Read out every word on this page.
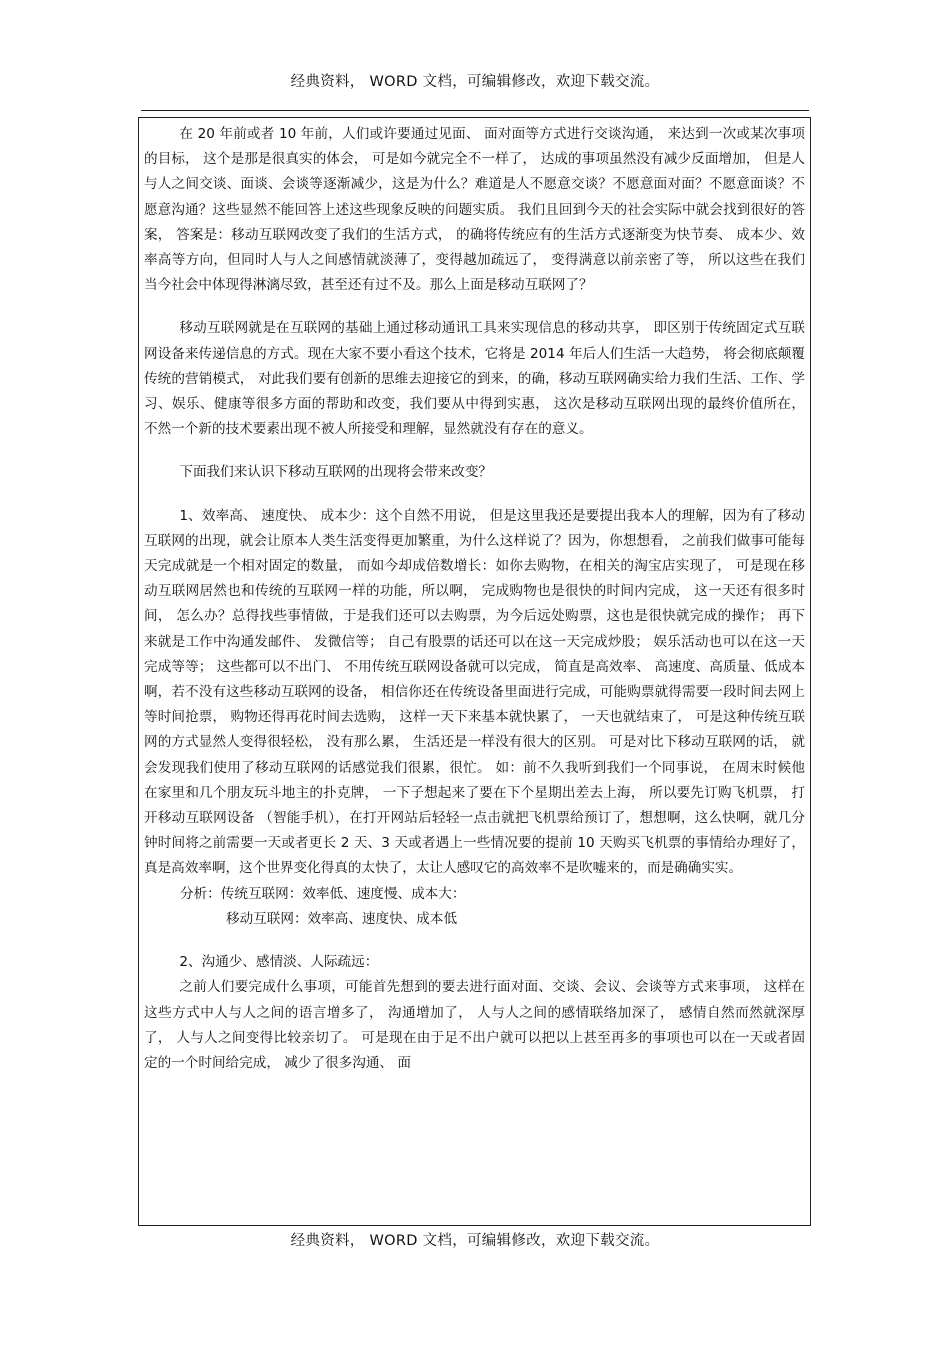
经典资料， WORD 文档，可编辑修改，欢迎下载交流。

在 20 年前或者 10 年前，人们或许要通过见面、 面对面等方式进行交谈沟通， 来达到一次或某次事项的目标， 这个是那是很真实的体会， 可是如今就完全不一样了， 达成的事项虽然没有减少反面增加， 但是人与人之间交谈、面谈、会谈等逐渐减少，这是为什么？难道是人不愿意交谈？不愿意面对面？不愿意面谈？不愿意沟通？这些显然不能回答上述这些现象反映的问题实质。 我们且回到今天的社会实际中就会找到很好的答案， 答案是：移动互联网改变了我们的生活方式， 的确将传统应有的生活方式逐渐变为快节奏、 成本少、效率高等方向，但同时人与人之间感情就淡薄了，变得越加疏远了， 变得满意以前亲密了等， 所以这些在我们当今社会中体现得淋漓尽致，甚至还有过不及。那么上面是移动互联网了？

移动互联网就是在互联网的基础上通过移动通讯工具来实现信息的移动共享， 即区别于传统固定式互联网设备来传递信息的方式。现在大家不要小看这个技术，它将是 2014 年后人们生活一大趋势， 将会彻底颠覆传统的营销模式， 对此我们要有创新的思维去迎接它的到来，的确，移动互联网确实给力我们生活、工作、学习、娱乐、健康等很多方面的帮助和改变，我们要从中得到实惠， 这次是移动互联网出现的最终价值所在， 不然一个新的技术要素出现不被人所接受和理解，显然就没有存在的意义。

下面我们来认识下移动互联网的出现将会带来改变？

1、效率高、 速度快、 成本少：这个自然不用说， 但是这里我还是要提出我本人的理解，因为有了移动互联网的出现，就会让原本人类生活变得更加繁重，为什么这样说了？因为，你想想看， 之前我们做事可能每天完成就是一个相对固定的数量， 而如今却成倍数增长：如你去购物，在相关的淘宝店实现了， 可是现在移动互联网居然也和传统的互联网一样的功能，所以啊， 完成购物也是很快的时间内完成， 这一天还有很多时间， 怎么办？总得找些事情做，于是我们还可以去购票，为今后远处购票，这也是很快就完成的操作； 再下来就是工作中沟通发邮件、 发微信等； 自己有股票的话还可以在这一天完成炒股； 娱乐活动也可以在这一天完成等等； 这些都可以不出门、 不用传统互联网设备就可以完成， 简直是高效率、 高速度、高质量、低成本啊，若不没有这些移动互联网的设备， 相信你还在传统设备里面进行完成，可能购票就得需要一段时间去网上等时间抢票， 购物还得再花时间去选购， 这样一天下来基本就快累了， 一天也就结束了， 可是这种传统互联网的方式显然人变得很轻松， 没有那么累， 生活还是一样没有很大的区别。 可是对比下移动互联网的话， 就会发现我们使用了移动互联网的话感觉我们很累，很忙。 如：前不久我听到我们一个同事说， 在周末时候他在家里和几个朋友玩斗地主的扑克牌， 一下子想起来了要在下个星期出差去上海， 所以要先订购飞机票， 打开移动互联网设备 （智能手机），在打开网站后轻轻一点击就把飞机票给预订了，想想啊，这么快啊，就几分钟时间将之前需要一天或者更长 2 天、3 天或者遇上一些情况要的提前 10 天购买飞机票的事情给办理好了，真是高效率啊，这个世界变化得真的太快了，太让人感叹它的高效率不是吹嘘来的，而是确确实实。

分析：传统互联网：效率低、速度慢、成本大：

移动互联网：效率高、速度快、成本低

2、沟通少、感情淡、人际疏远：

之前人们要完成什么事项，可能首先想到的要去进行面对面、交谈、会议、会谈等方式来事项， 这样在这些方式中人与人之间的语言增多了， 沟通增加了， 人与人之间的感情联络加深了， 感情自然而然就深厚了， 人与人之间变得比较亲切了。 可是现在由于足不出户就可以把以上甚至再多的事项也可以在一天或者固定的一个时间给完成， 减少了很多沟通、 面

经典资料， WORD 文档，可编辑修改，欢迎下载交流。
